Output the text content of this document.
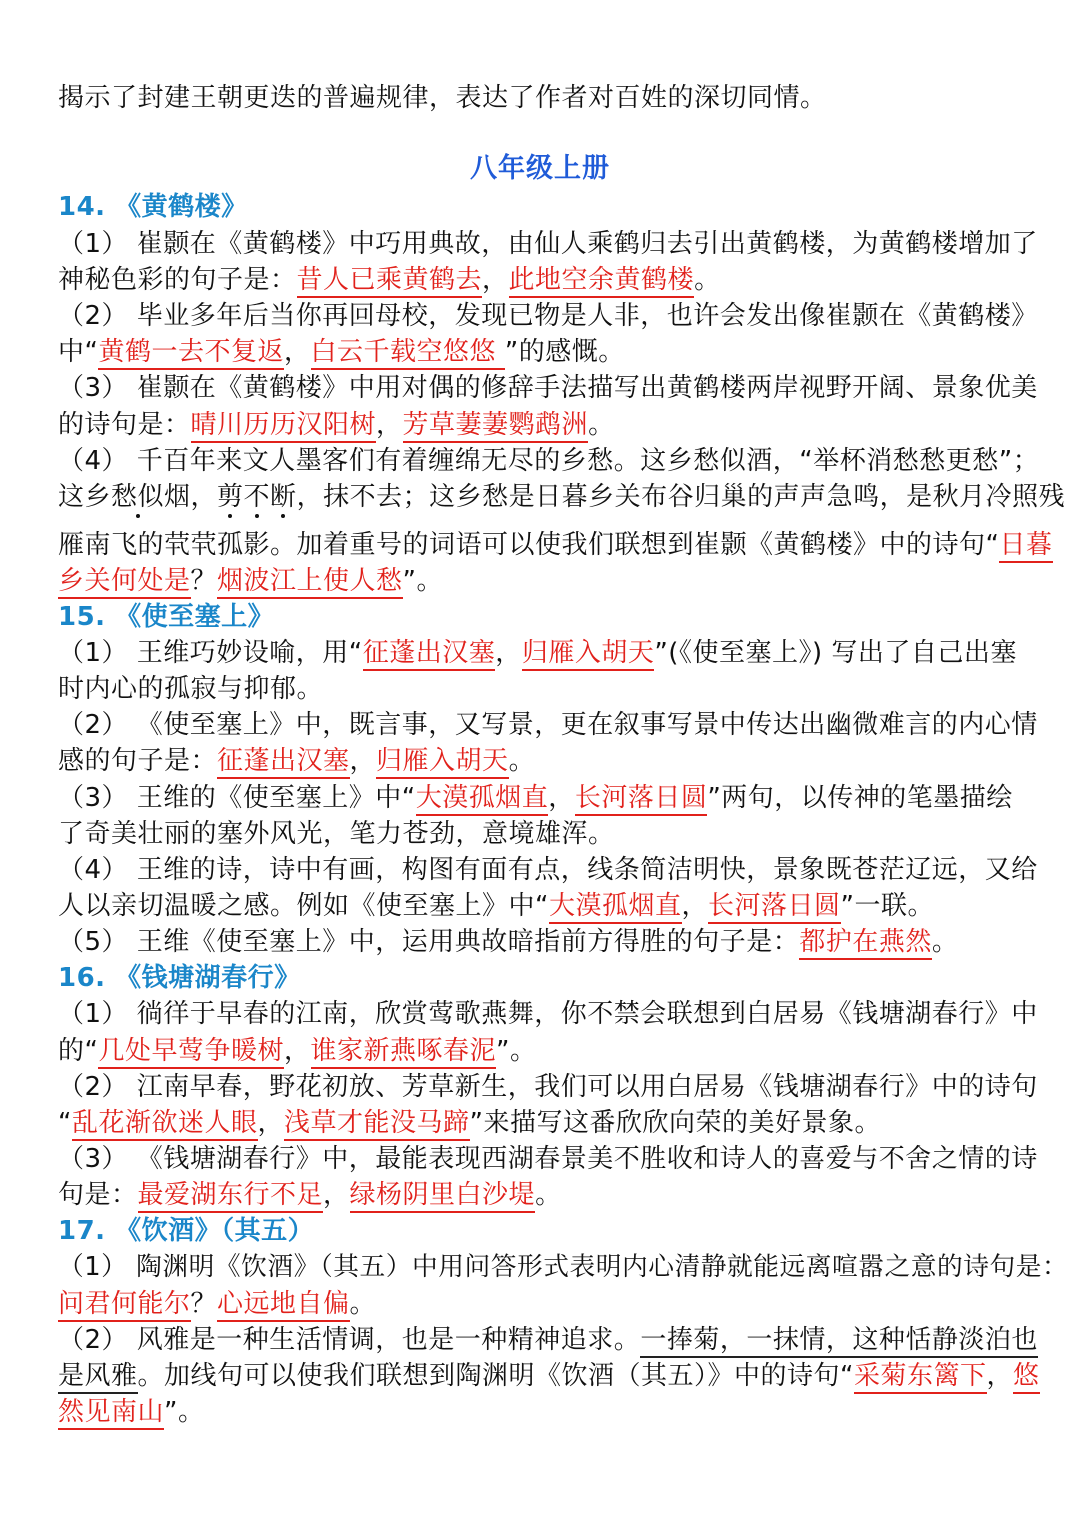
揭示了封建王朝更迭的普遍规律，表达了作者对百姓的深切同情。
八年级上册
14. 《黄鹤楼》
（1） 崔颢在《黄鹤楼》中巧用典故，由仙人乘鹤归去引出黄鹤楼，为黄鹤楼增加了
神秘色彩的句子是：昔人已乘黄鹤去，此地空余黄鹤楼。
（2） 毕业多年后当你再回母校，发现已物是人非，也许会发出像崔颢在《黄鹤楼》
中“黄鹤一去不复返，白云千载空悠悠 ”的感慨。
（3） 崔颢在《黄鹤楼》中用对偶的修辞手法描写出黄鹤楼两岸视野开阔、景象优美
的诗句是：晴川历历汉阳树，芳草萋萋鹦鹉洲。
（4） 千百年来文人墨客们有着缠绵无尽的乡愁。这乡愁似酒，“举杯消愁愁更愁”；
这乡愁似烟，剪不断，抹不去；这乡愁是日暮乡关布谷归巢的声声急鸣，是秋月冷照残
雁南飞的茕茕孤影。加着重号的词语可以使我们联想到崔颢《黄鹤楼》中的诗句“日暮
乡关何处是？烟波江上使人愁”。
15. 《使至塞上》
（1） 王维巧妙设喻，用“征蓬出汉塞，归雁入胡天”(《使至塞上》) 写出了自己出塞
时内心的孤寂与抑郁。
（2） 《使至塞上》中，既言事，又写景，更在叙事写景中传达出幽微难言的内心情
感的句子是：征蓬出汉塞，归雁入胡天。
（3） 王维的《使至塞上》中“大漠孤烟直，长河落日圆”两句，以传神的笔墨描绘
了奇美壮丽的塞外风光，笔力苍劲，意境雄浑。
（4） 王维的诗，诗中有画，构图有面有点，线条简洁明快，景象既苍茫辽远，又给
人以亲切温暖之感。例如《使至塞上》中“大漠孤烟直，长河落日圆”一联。
（5） 王维《使至塞上》中，运用典故暗指前方得胜的句子是：都护在燕然。
16. 《钱塘湖春行》
（1） 徜徉于早春的江南，欣赏莺歌燕舞，你不禁会联想到白居易《钱塘湖春行》中
的“几处早莺争暖树，谁家新燕啄春泥”。
（2） 江南早春，野花初放、芳草新生，我们可以用白居易《钱塘湖春行》中的诗句
“乱花渐欲迷人眼，浅草才能没马蹄”来描写这番欣欣向荣的美好景象。
（3） 《钱塘湖春行》中，最能表现西湖春景美不胜收和诗人的喜爱与不舍之情的诗
句是：最爱湖东行不足，绿杨阴里白沙堤。
17. 《饮酒》（其五）
（1） 陶渊明《饮酒》（其五）中用问答形式表明内心清静就能远离喧嚣之意的诗句是：
问君何能尔？心远地自偏。
（2） 风雅是一种生活情调，也是一种精神追求。一捧菊，一抹情，这种恬静淡泊也
是风雅。加线句可以使我们联想到陶渊明《饮酒（其五）》中的诗句“采菊东篱下，悠
然见南山”。
